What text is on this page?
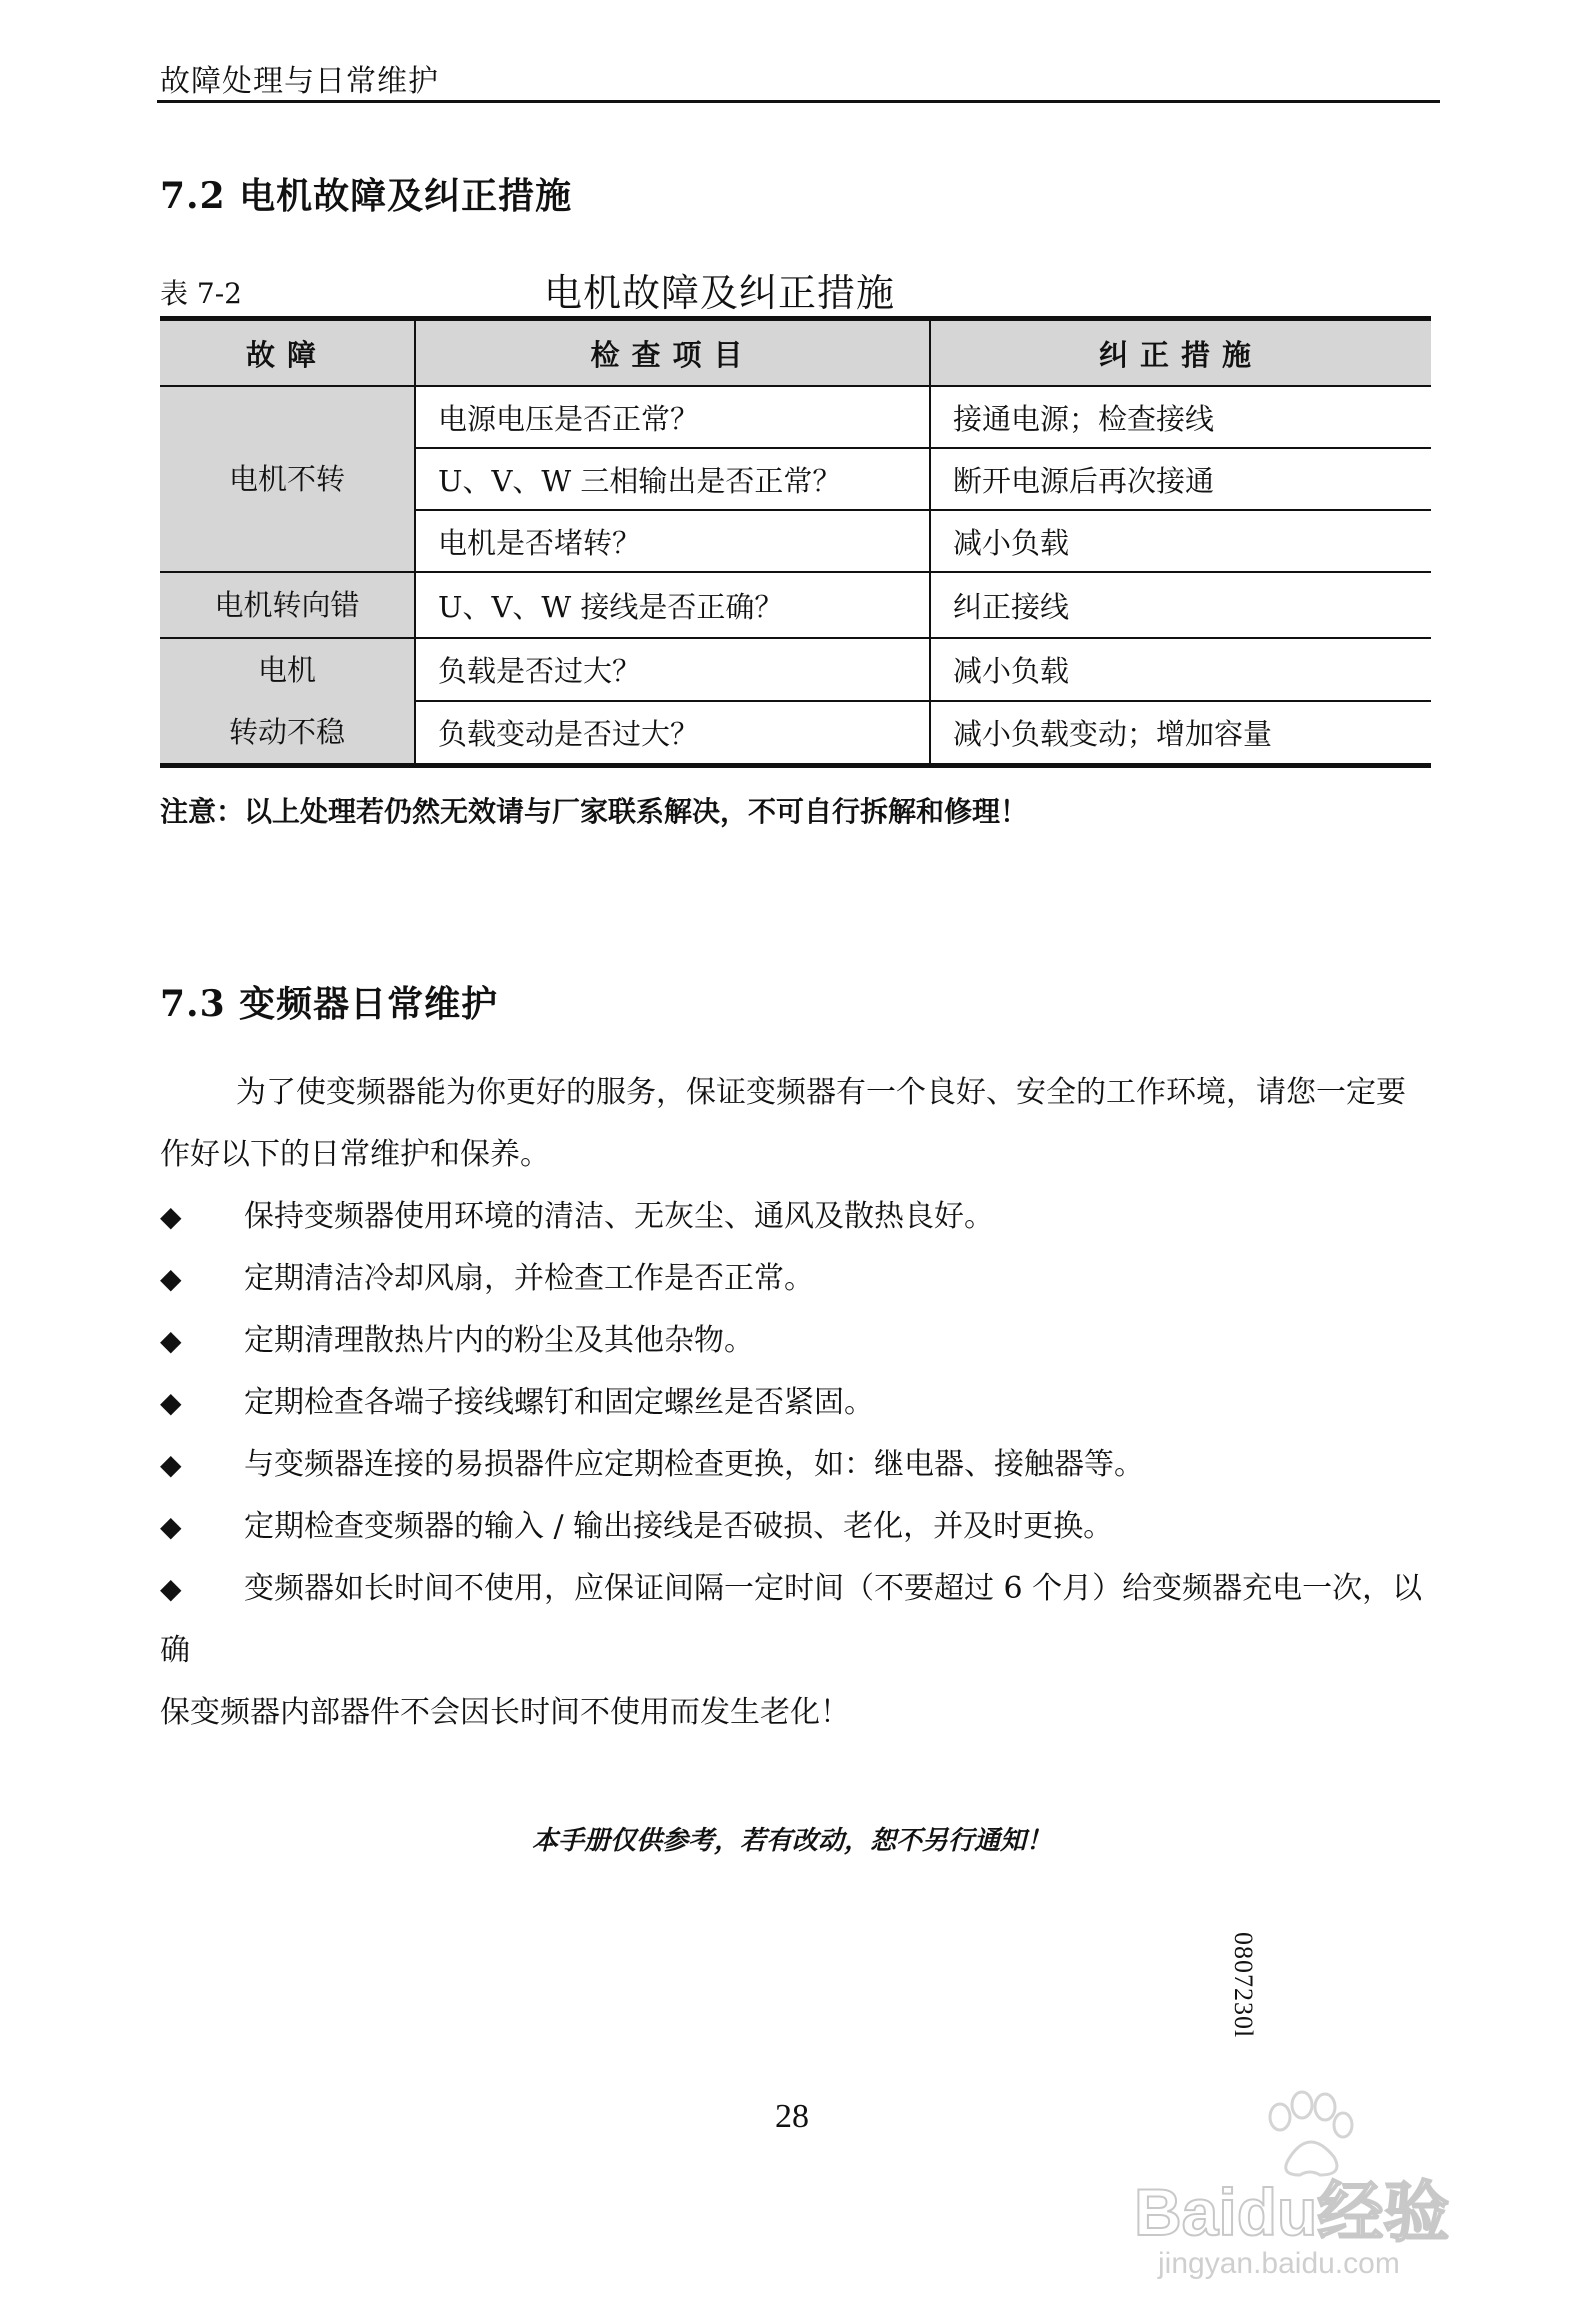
故障处理与日常维护
7.2 电机故障及纠正措施
表 7-2	电机故障及纠正措施
故障	检查项目	纠正措施
电机不转	电源电压是否正常？	接通电源；检查接线
	U、V、W 三相输出是否正常？	断开电源后再次接通
	电机是否堵转？	减小负载
电机转向错	U、V、W 接线是否正确？	纠正接线

电机
转动不稳	负载是否过大？	减小负载
	负载变动是否过大？	减小负载变动；增加容量
注意：以上处理若仍然无效请与厂家联系解决，不可自行拆解和修理！
7.3 变频器日常维护
为了使变频器能为你更好的服务，保证变频器有一个良好、安全的工作环境，请您一定要作好以下的日常维护和保养。
◆ 保持变频器使用环境的清洁、无灰尘、通风及散热良好。
◆ 定期清洁冷却风扇，并检查工作是否正常。
◆ 定期清理散热片内的粉尘及其他杂物。
◆ 定期检查各端子接线螺钉和固定螺丝是否紧固。
◆ 与变频器连接的易损器件应定期检查更换，如：继电器、接触器等。
◆ 定期检查变频器的输入 / 输出接线是否破损、老化，并及时更换。
◆ 变频器如长时间不使用，应保证间隔一定时间（不要超过 6 个月）给变频器充电一次，以确
保变频器内部器件不会因长时间不使用而发生老化！
本手册仅供参考，若有改动，恕不另行通知！
0807230l
28
Baidu经验
jingyan.baidu.com
